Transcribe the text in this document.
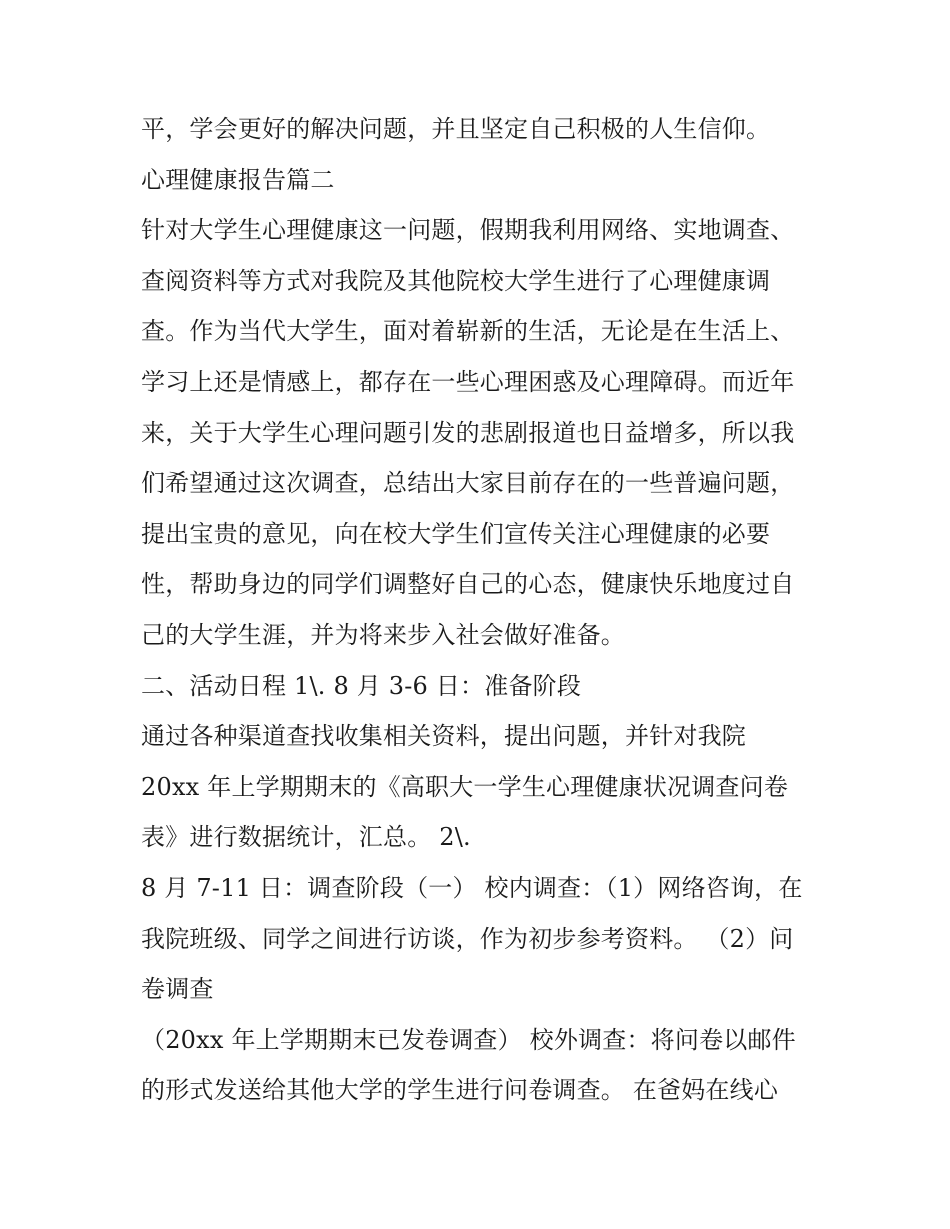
平，学会更好的解决问题，并且坚定自己积极的人生信仰。
心理健康报告篇二
针对大学生心理健康这一问题，假期我利用网络、实地调查、
查阅资料等方式对我院及其他院校大学生进行了心理健康调
查。作为当代大学生，面对着崭新的生活，无论是在生活上、
学习上还是情感上，都存在一些心理困惑及心理障碍。而近年
来，关于大学生心理问题引发的悲剧报道也日益增多，所以我
们希望通过这次调查，总结出大家目前存在的一些普遍问题，
提出宝贵的意见，向在校大学生们宣传关注心理健康的必要
性，帮助身边的同学们调整好自己的心态，健康快乐地度过自
己的大学生涯，并为将来步入社会做好准备。
二、活动日程 1\. 8 月 3-6 日：准备阶段
通过各种渠道查找收集相关资料，提出问题，并针对我院
20xx 年上学期期末的《高职大一学生心理健康状况调查问卷
表》进行数据统计，汇总。 2\.
8 月 7-11 日：调查阶段（一） 校内调查：（1）网络咨询，在
我院班级、同学之间进行访谈，作为初步参考资料。 （2）问
卷调查
（20xx 年上学期期末已发卷调查） 校外调查：将问卷以邮件
的形式发送给其他大学的学生进行问卷调查。 在爸妈在线心
